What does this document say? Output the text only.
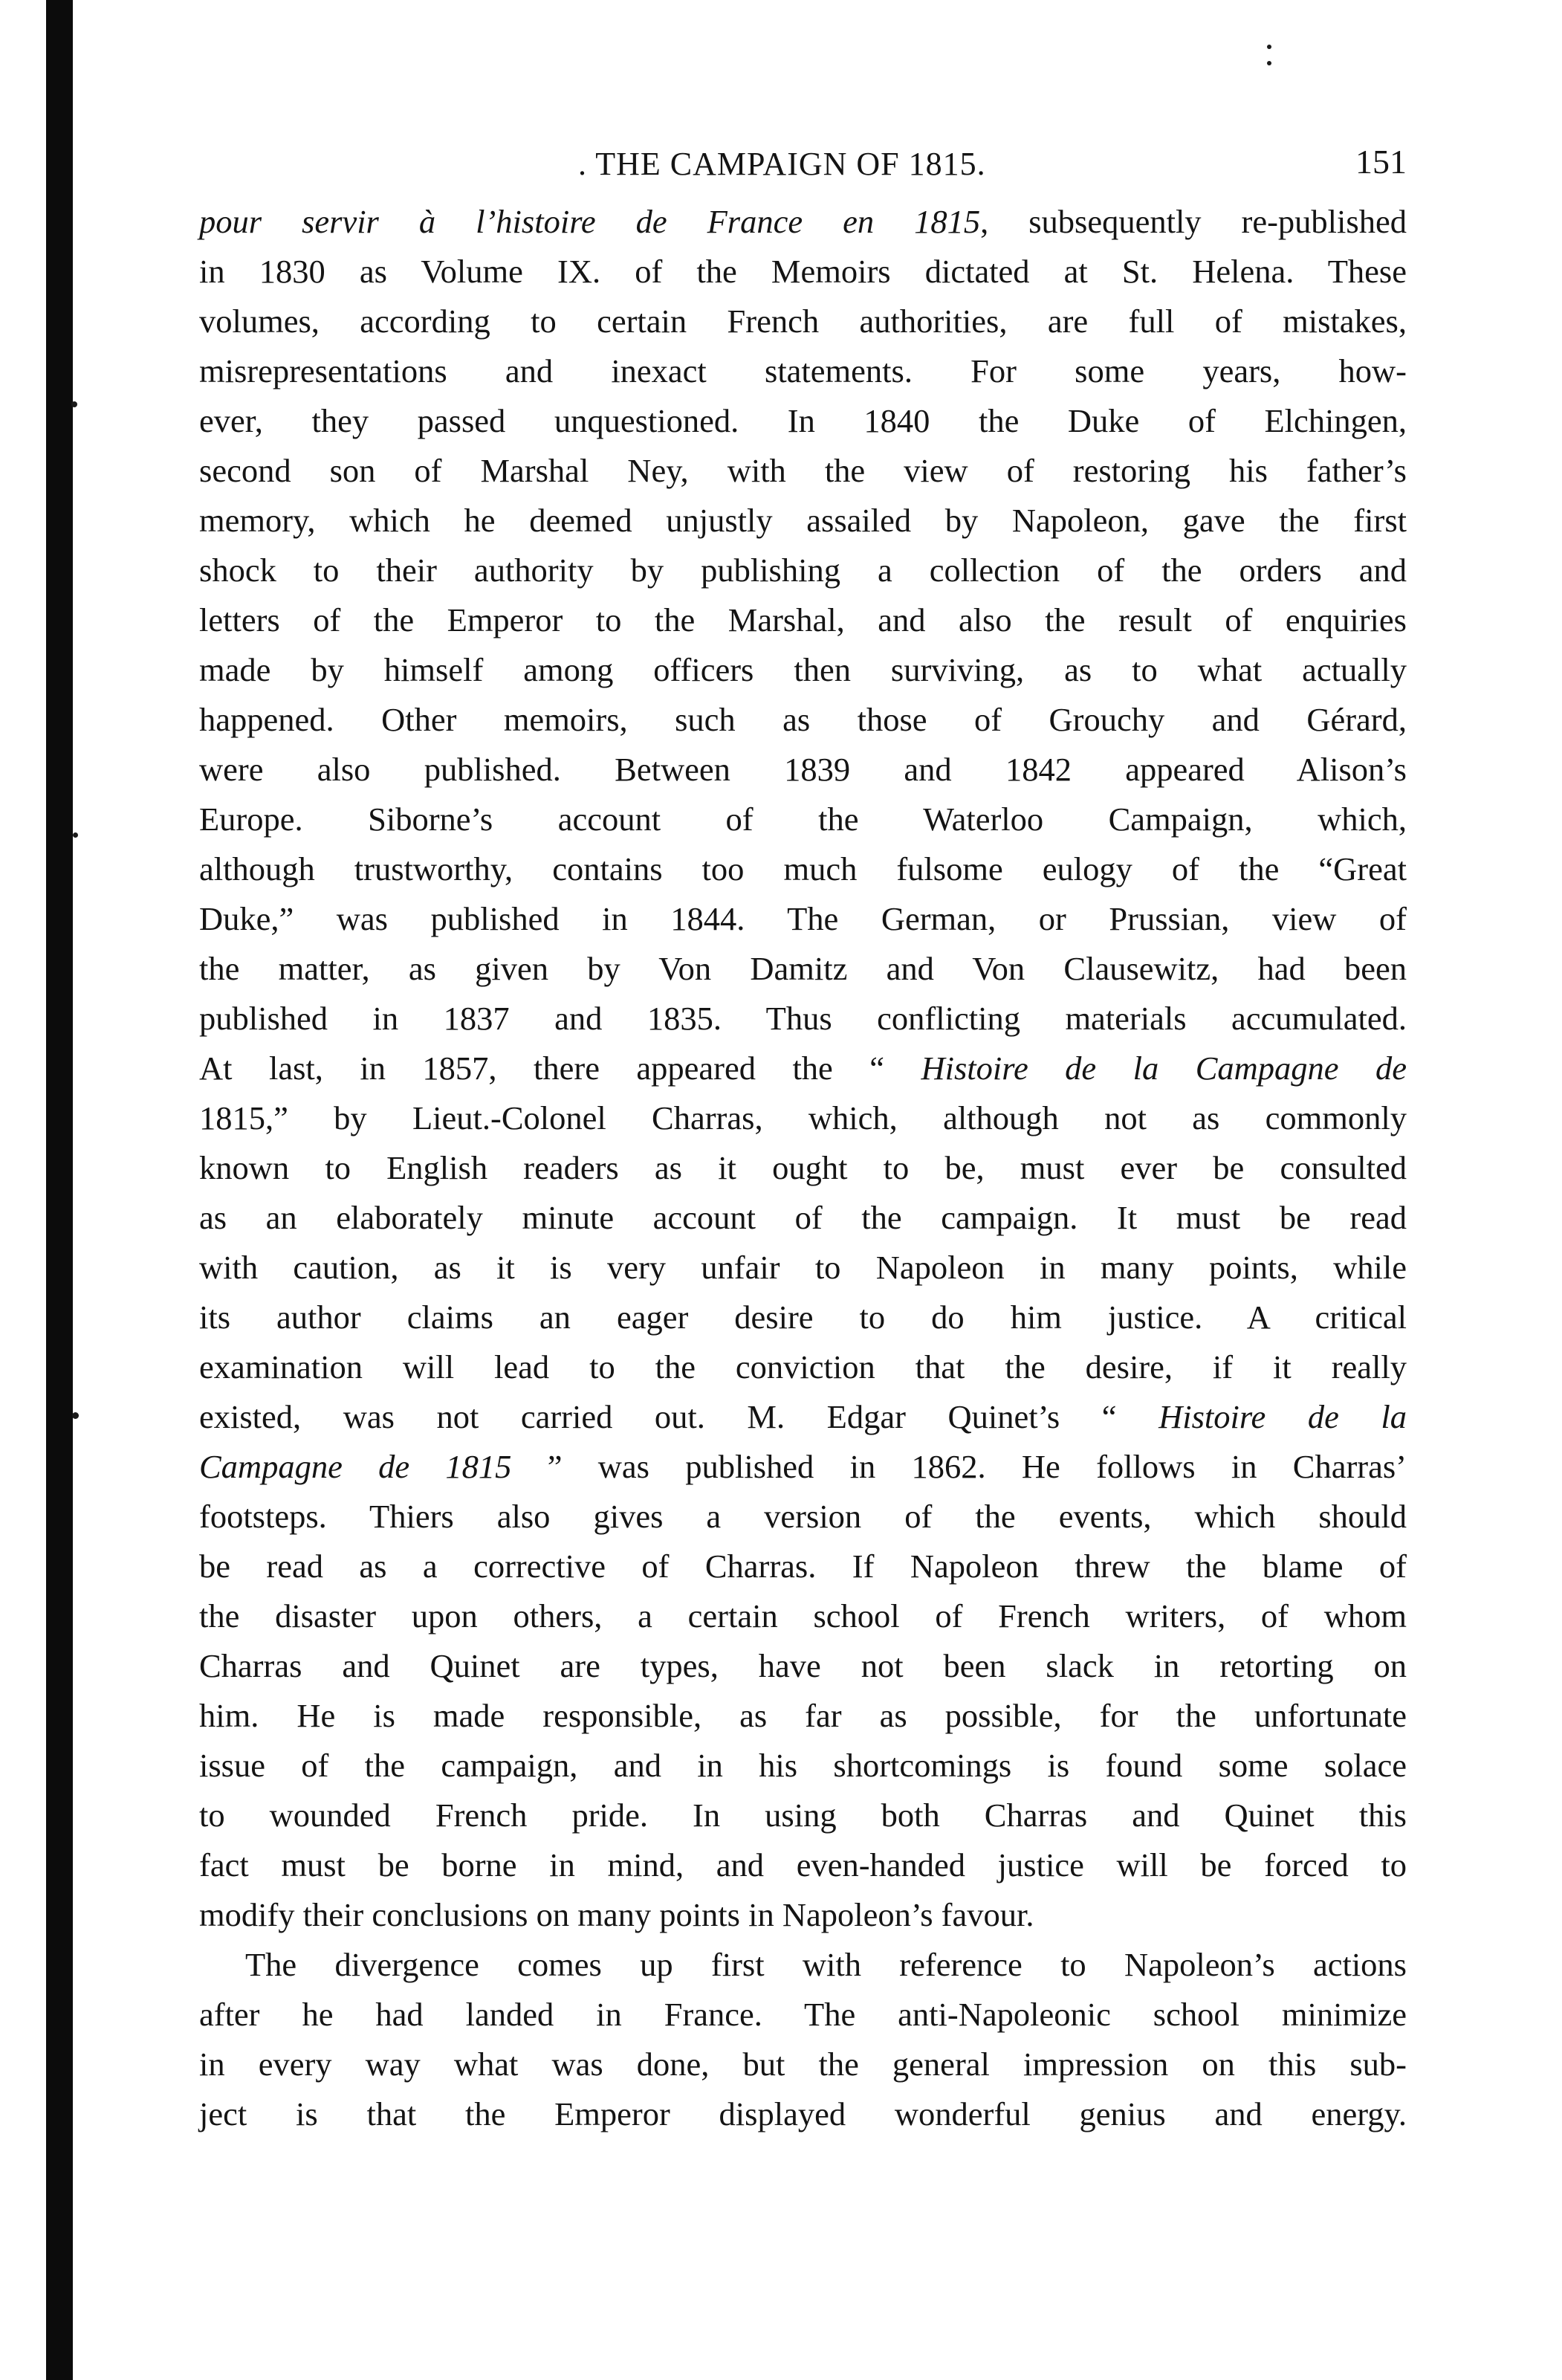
. THE CAMPAIGN OF 1815.	151
pour servir à l’histoire de France en 1815, subsequently re-published
in 1830 as Volume IX. of the Memoirs dictated at St. Helena. These
volumes, according to certain French authorities, are full of mistakes,
misrepresentations and inexact statements. For some years, how-
ever, they passed unquestioned. In 1840 the Duke of Elchingen,
second son of Marshal Ney, with the view of restoring his father’s
memory, which he deemed unjustly assailed by Napoleon, gave the first
shock to their authority by publishing a collection of the orders and
letters of the Emperor to the Marshal, and also the result of enquiries
made by himself among officers then surviving, as to what actually
happened. Other memoirs, such as those of Grouchy and Gérard,
were also published. Between 1839 and 1842 appeared Alison’s
Europe. Siborne’s account of the Waterloo Campaign, which,
although trustworthy, contains too much fulsome eulogy of the “Great
Duke,” was published in 1844. The German, or Prussian, view of
the matter, as given by Von Damitz and Von Clausewitz, had been
published in 1837 and 1835. Thus conflicting materials accumulated.
At last, in 1857, there appeared the “ Histoire de la Campagne de
1815,” by Lieut.-Colonel Charras, which, although not as commonly
known to English readers as it ought to be, must ever be consulted
as an elaborately minute account of the campaign. It must be read
with caution, as it is very unfair to Napoleon in many points, while
its author claims an eager desire to do him justice. A critical
examination will lead to the conviction that the desire, if it really
existed, was not carried out. M. Edgar Quinet’s “ Histoire de la
Campagne de 1815 ” was published in 1862. He follows in Charras’
footsteps. Thiers also gives a version of the events, which should
be read as a corrective of Charras. If Napoleon threw the blame of
the disaster upon others, a certain school of French writers, of whom
Charras and Quinet are types, have not been slack in retorting on
him. He is made responsible, as far as possible, for the unfortunate
issue of the campaign, and in his shortcomings is found some solace
to wounded French pride. In using both Charras and Quinet this
fact must be borne in mind, and even-handed justice will be forced to
modify their conclusions on many points in Napoleon’s favour.
The divergence comes up first with reference to Napoleon’s actions
after he had landed in France. The anti-Napoleonic school minimize
in every way what was done, but the general impression on this sub-
ject is that the Emperor displayed wonderful genius and energy.
